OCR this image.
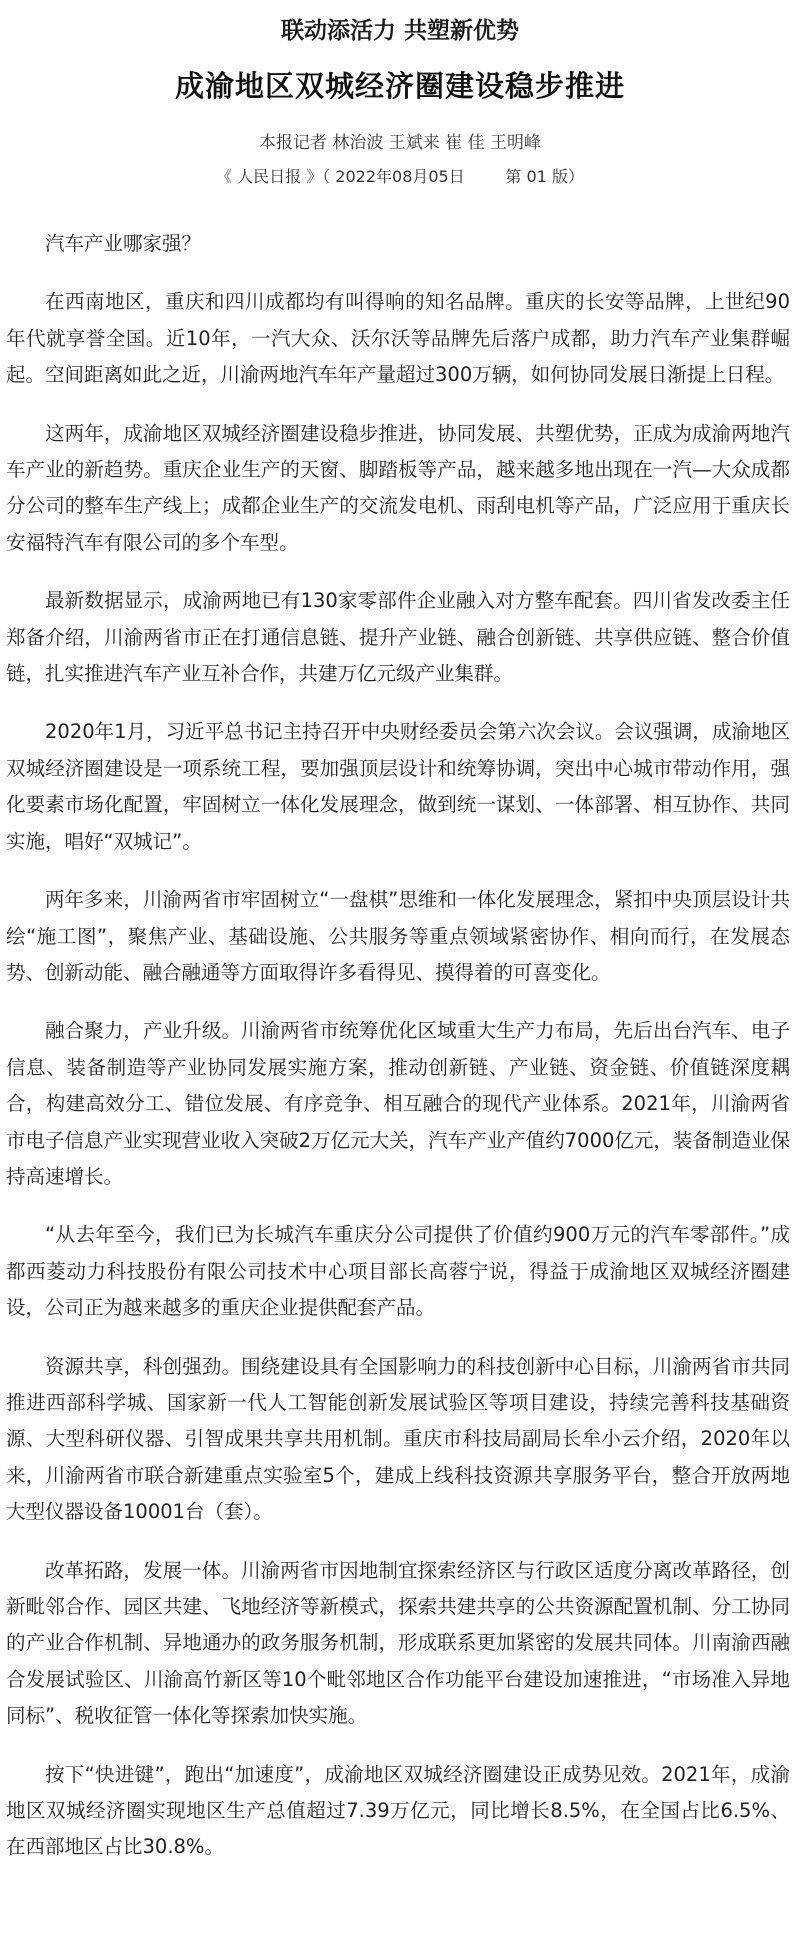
联动添活力 共塑新优势
成渝地区双城经济圈建设稳步推进
本报记者 林治波 王斌来 崔 佳 王明峰
《 人民日报 》（ 2022年08月05日	第 01 版）

汽车产业哪家强？

在西南地区，重庆和四川成都均有叫得响的知名品牌。重庆的长安等品牌，上世纪90年代就享誉全国。近10年，一汽大众、沃尔沃等品牌先后落户成都，助力汽车产业集群崛起。空间距离如此之近，川渝两地汽车年产量超过300万辆，如何协同发展日渐提上日程。

这两年，成渝地区双城经济圈建设稳步推进，协同发展、共塑优势，正成为成渝两地汽车产业的新趋势。重庆企业生产的天窗、脚踏板等产品，越来越多地出现在一汽—大众成都分公司的整车生产线上；成都企业生产的交流发电机、雨刮电机等产品，广泛应用于重庆长安福特汽车有限公司的多个车型。

最新数据显示，成渝两地已有130家零部件企业融入对方整车配套。四川省发改委主任郑备介绍，川渝两省市正在打通信息链、提升产业链、融合创新链、共享供应链、整合价值链，扎实推进汽车产业互补合作，共建万亿元级产业集群。

2020年1月，习近平总书记主持召开中央财经委员会第六次会议。会议强调，成渝地区双城经济圈建设是一项系统工程，要加强顶层设计和统筹协调，突出中心城市带动作用，强化要素市场化配置，牢固树立一体化发展理念，做到统一谋划、一体部署、相互协作、共同实施，唱好“双城记”。

两年多来，川渝两省市牢固树立“一盘棋”思维和一体化发展理念，紧扣中央顶层设计共绘“施工图”，聚焦产业、基础设施、公共服务等重点领域紧密协作、相向而行，在发展态势、创新动能、融合融通等方面取得许多看得见、摸得着的可喜变化。

融合聚力，产业升级。川渝两省市统筹优化区域重大生产力布局，先后出台汽车、电子信息、装备制造等产业协同发展实施方案，推动创新链、产业链、资金链、价值链深度耦合，构建高效分工、错位发展、有序竞争、相互融合的现代产业体系。2021年，川渝两省市电子信息产业实现营业收入突破2万亿元大关，汽车产业产值约7000亿元，装备制造业保持高速增长。

“从去年至今，我们已为长城汽车重庆分公司提供了价值约900万元的汽车零部件。”成都西菱动力科技股份有限公司技术中心项目部长高蓉宁说，得益于成渝地区双城经济圈建设，公司正为越来越多的重庆企业提供配套产品。

资源共享，科创强劲。围绕建设具有全国影响力的科技创新中心目标，川渝两省市共同推进西部科学城、国家新一代人工智能创新发展试验区等项目建设，持续完善科技基础资源、大型科研仪器、引智成果共享共用机制。重庆市科技局副局长牟小云介绍，2020年以来，川渝两省市联合新建重点实验室5个，建成上线科技资源共享服务平台，整合开放两地大型仪器设备10001台（套）。

改革拓路，发展一体。川渝两省市因地制宜探索经济区与行政区适度分离改革路径，创新毗邻合作、园区共建、飞地经济等新模式，探索共建共享的公共资源配置机制、分工协同的产业合作机制、异地通办的政务服务机制，形成联系更加紧密的发展共同体。川南渝西融合发展试验区、川渝高竹新区等10个毗邻地区合作功能平台建设加速推进，“市场准入异地同标”、税收征管一体化等探索加快实施。

按下“快进键”，跑出“加速度”，成渝地区双城经济圈建设正成势见效。2021年，成渝地区双城经济圈实现地区生产总值超过7.39万亿元，同比增长8.5%，在全国占比6.5%、在西部地区占比30.8%。
